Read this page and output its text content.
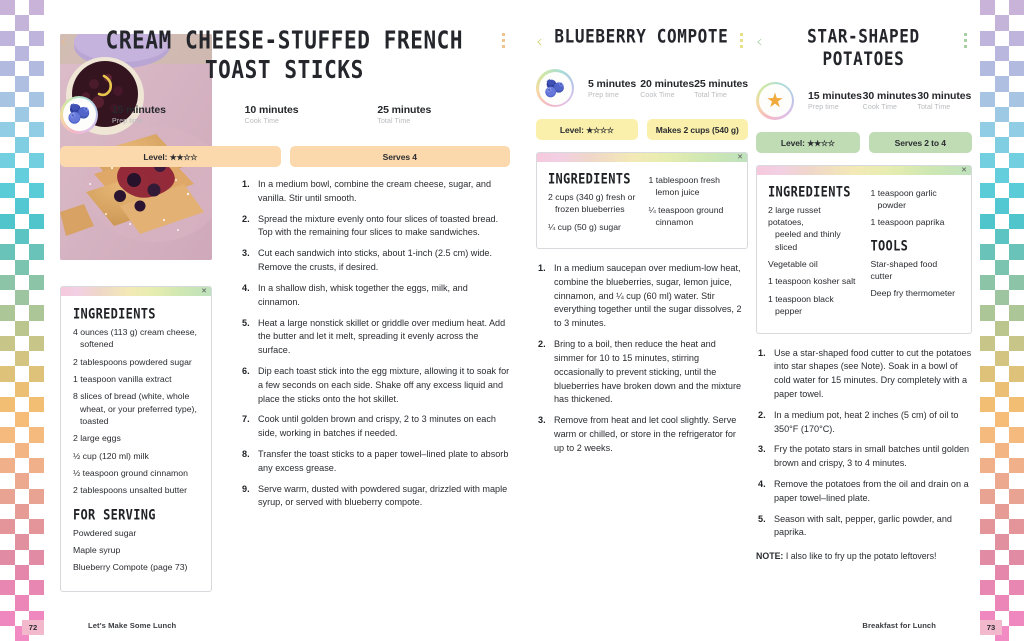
‹	CREAM CHEESE-STUFFED FRENCH TOAST STICKS
🫐	15 minutes
Prep time
10 minutes
Cook Time
25 minutes
Total Time
Level: ★★☆☆	Serves 4
In a medium bowl, combine the cream cheese, sugar, and vanilla. Stir until smooth.
Spread the mixture evenly onto four slices of toasted bread. Top with the remaining four slices to make sandwiches.
Cut each sandwich into sticks, about 1-inch (2.5 cm) wide. Remove the crusts, if desired.
In a shallow dish, whisk together the eggs, milk, and cinnamon.
Heat a large nonstick skillet or griddle over medium heat. Add the butter and let it melt, spreading it evenly across the surface.
Dip each toast stick into the egg mixture, allowing it to soak for a few seconds on each side. Shake off any excess liquid and place the sticks onto the hot skillet.
Cook until golden brown and crispy, 2 to 3 minutes on each side, working in batches if needed.
Transfer the toast sticks to a paper towel–lined plate to absorb any excess grease.
Serve warm, dusted with powdered sugar, drizzled with maple syrup, or served with blueberry compote.
✕
INGREDIENTS
4 ounces (113 g) cream cheese,
softened
2 tablespoons powdered sugar
1 teaspoon vanilla extract
8 slices of bread (white, whole
wheat, or your preferred type),
toasted
2 large eggs
½ cup (120 ml) milk
½ teaspoon ground cinnamon
2 tablespoons unsalted butter
FOR SERVING
Powdered sugar
Maple syrup
Blueberry Compote (page 73)
‹ BLUEBERRY COMPOTE
🫐	5 minutes
Prep time
20 minutes
Cook Time
25 minutes
Total Time
Level: ★☆☆☆	Makes 2 cups (540 g)
✕
INGREDIENTS
2 cups (340 g) fresh or
frozen blueberries
¼ cup (50 g) sugar
1 tablespoon fresh
lemon juice
¼ teaspoon ground
cinnamon
In a medium saucepan over medium-low heat, combine the blueberries, sugar, lemon juice, cinnamon, and ¼ cup (60 ml) water. Stir everything together until the sugar dissolves, 2 to 3 minutes.
Bring to a boil, then reduce the heat and simmer for 10 to 15 minutes, stirring occasionally to prevent sticking, until the blueberries have broken down and the mixture has thickened.
Remove from heat and let cool slightly. Serve warm or chilled, or store in the refrigerator for up to 2 weeks.
‹	STAR-SHAPED POTATOES
★	15 minutes
Prep time
30 minutes
Cook Time
30 minutes
Total Time
Level: ★★☆☆	Serves 2 to 4
✕
INGREDIENTS
2 large russet potatoes,
peeled and thinly
sliced
Vegetable oil
1 teaspoon kosher salt
1 teaspoon black
pepper
1 teaspoon garlic
powder
1 teaspoon paprika
TOOLS
Star-shaped food cutter
Deep fry thermometer
Use a star-shaped food cutter to cut the potatoes into star shapes (see Note). Soak in a bowl of cold water for 15 minutes. Dry completely with a paper towel.
In a medium pot, heat 2 inches (5 cm) of oil to 350°F (170°C).
Fry the potato stars in small batches until golden brown and crispy, 3 to 4 minutes.
Remove the potatoes from the oil and drain on a paper towel–lined plate.
Season with salt, pepper, garlic powder, and paprika.
NOTE: I also like to fry up the potato leftovers!
72	Let's Make Some Lunch	Breakfast for Lunch	73
